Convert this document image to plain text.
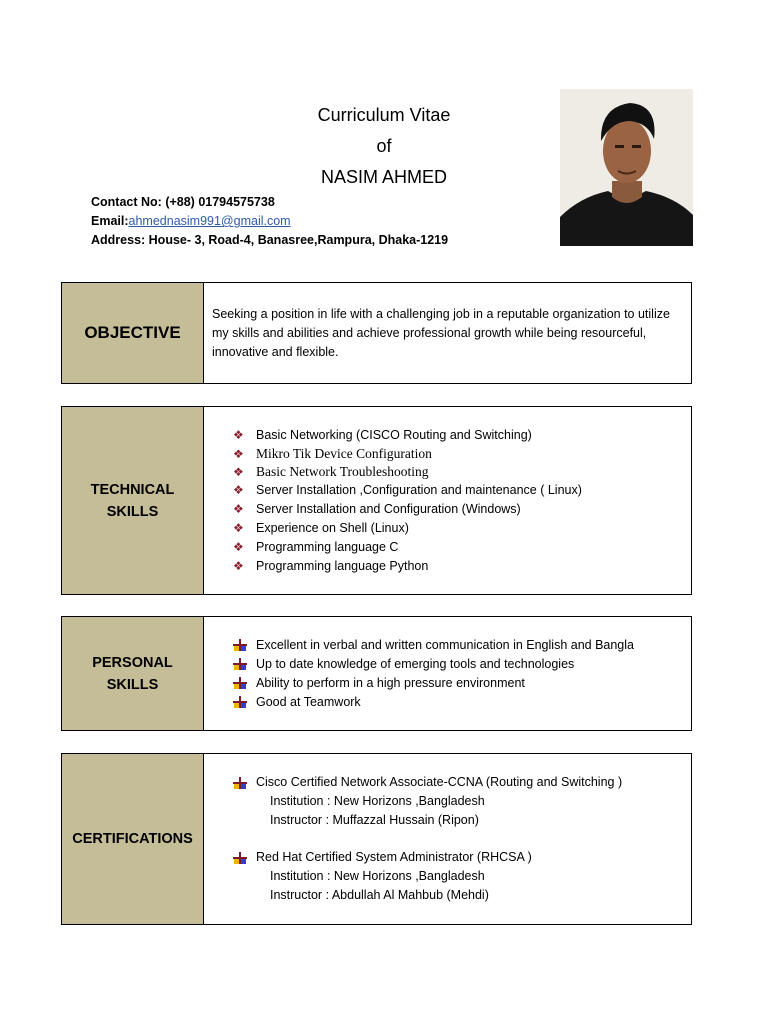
Curriculum Vitae
of
NASIM AHMED
Contact No: (+88) 01794575738
Email:ahmednasim991@gmail.com
Address: House- 3, Road-4, Banasree,Rampura, Dhaka-1219
OBJECTIVE
Seeking a position in life with a challenging job in a reputable organization to utilize my skills and abilities and achieve professional growth while being resourceful, innovative and flexible.
TECHNICAL
SKILLS
❖ Basic Networking (CISCO Routing and Switching)
❖ Mikro Tik Device Configuration
❖ Basic Network Troubleshooting
❖ Server Installation ,Configuration and maintenance ( Linux)
❖ Server Installation and Configuration (Windows)
❖ Experience on Shell (Linux)
❖ Programming language C
❖ Programming language Python
PERSONAL
SKILLS
Excellent in verbal and written communication in English and Bangla
Up to date knowledge of emerging tools and technologies
Ability to perform in a high pressure environment
Good at Teamwork
CERTIFICATIONS
Cisco Certified Network Associate-CCNA (Routing and Switching )
Institution : New Horizons ,Bangladesh
Instructor : Muffazzal Hussain (Ripon)
Red Hat Certified System Administrator (RHCSA )
Institution : New Horizons ,Bangladesh
Instructor : Abdullah Al Mahbub (Mehdi)
